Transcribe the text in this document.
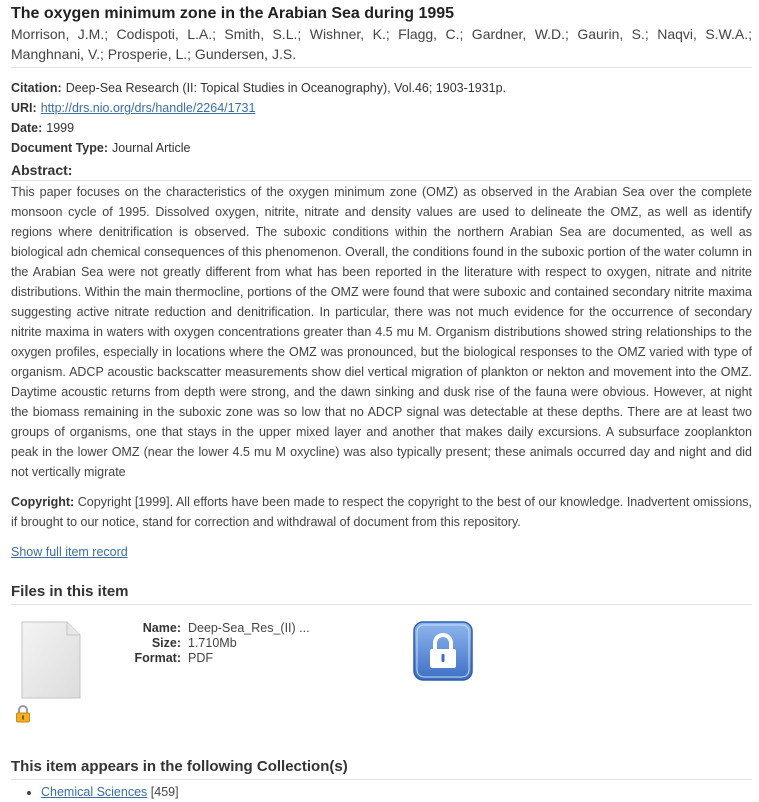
The oxygen minimum zone in the Arabian Sea during 1995
Morrison, J.M.; Codispoti, L.A.; Smith, S.L.; Wishner, K.; Flagg, C.; Gardner, W.D.; Gaurin, S.; Naqvi, S.W.A.; Manghnani, V.; Prosperie, L.; Gundersen, J.S.
Citation: Deep-Sea Research (II: Topical Studies in Oceanography), Vol.46; 1903-1931p.
URI: http://drs.nio.org/drs/handle/2264/1731
Date: 1999
Document Type: Journal Article
Abstract:

This paper focuses on the characteristics of the oxygen minimum zone (OMZ) as observed in the Arabian Sea over the complete monsoon cycle of 1995. Dissolved oxygen, nitrite, nitrate and density values are used to delineate the OMZ, as well as identify regions where denitrification is observed. The suboxic conditions within the northern Arabian Sea are documented, as well as biological adn chemical consequences of this phenomenon. Overall, the conditions found in the suboxic portion of the water column in the Arabian Sea were not greatly different from what has been reported in the literature with respect to oxygen, nitrate and nitrite distributions. Within the main thermocline, portions of the OMZ were found that were suboxic and contained secondary nitrite maxima suggesting active nitrate reduction and denitrification. In particular, there was not much evidence for the occurrence of secondary nitrite maxima in waters with oxygen concentrations greater than 4.5 mu M. Organism distributions showed string relationships to the oxygen profiles, especially in locations where the OMZ was pronounced, but the biological responses to the OMZ varied with type of organism. ADCP acoustic backscatter measurements show diel vertical migration of plankton or nekton and movement into the OMZ. Daytime acoustic returns from depth were strong, and the dawn sinking and dusk rise of the fauna were obvious. However, at night the biomass remaining in the suboxic zone was so low that no ADCP signal was detectable at these depths. There are at least two groups of organisms, one that stays in the upper mixed layer and another that makes daily excursions. A subsurface zooplankton peak in the lower OMZ (near the lower 4.5 mu M oxycline) was also typically present; these animals occurred day and night and did not vertically migrate

Copyright: Copyright [1999]. All efforts have been made to respect the copyright to the best of our knowledge. Inadvertent omissions, if brought to our notice, stand for correction and withdrawal of document from this repository.
Show full item record
Files in this item
Name: Deep-Sea_Res_(II) ...
Size: 1.710Mb
Format: PDF
This item appears in the following Collection(s)
• Chemical Sciences [459]
